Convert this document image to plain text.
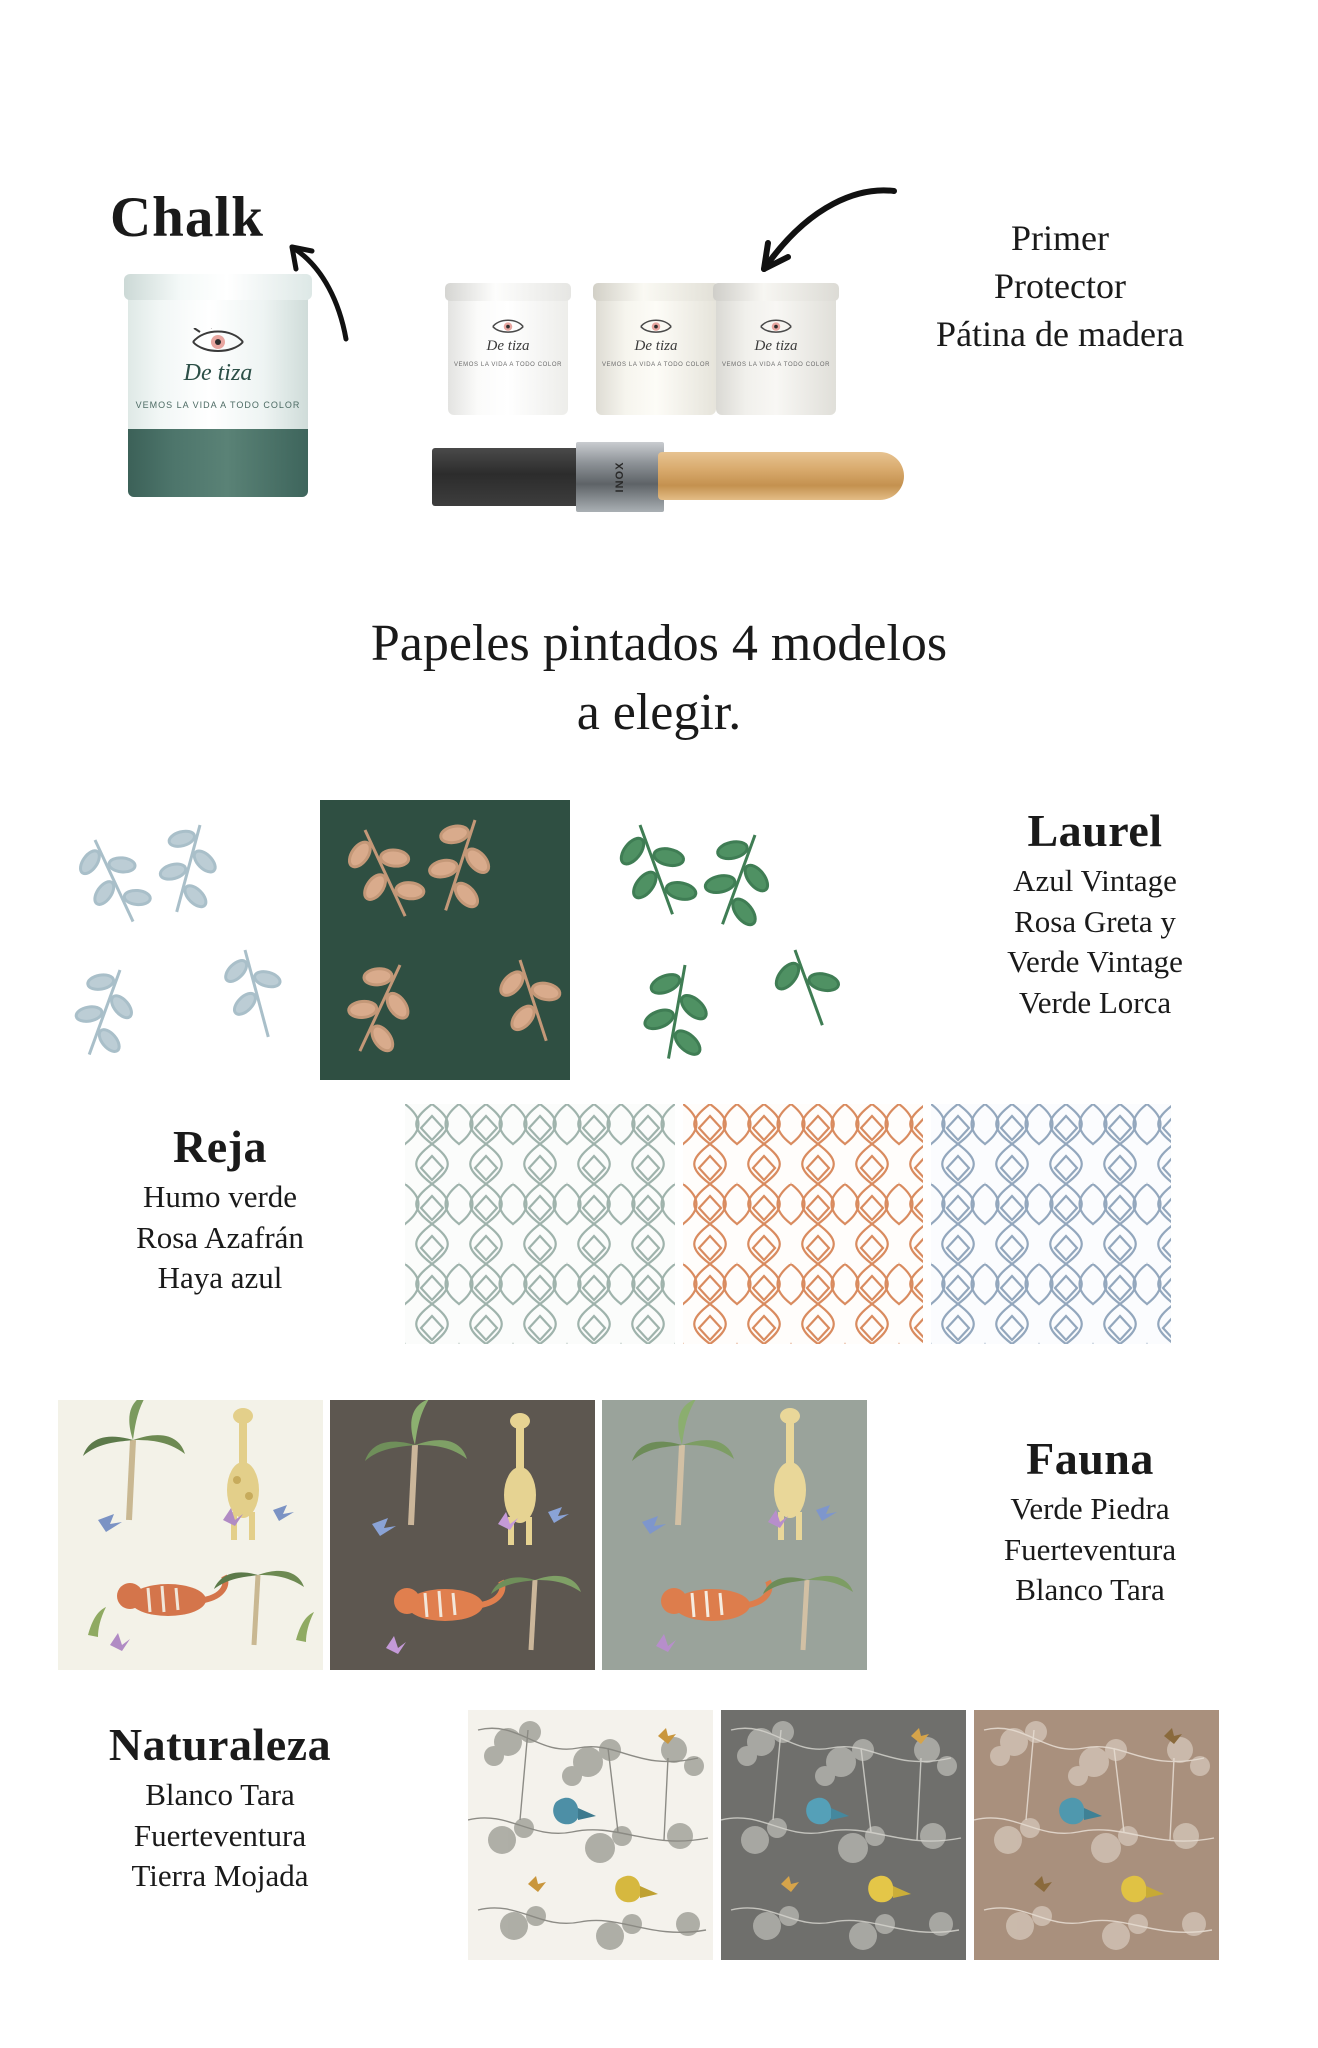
Chalk	Primer
Protector
Pátina de madera
De tiza
VEMOS LA VIDA A TODO COLOR
De tiza
VEMOS LA VIDA A TODO COLOR
De tiza
VEMOS LA VIDA A TODO COLOR
De tiza
VEMOS LA VIDA A TODO COLOR
INOX
Papeles pintados 4 modelos
a elegir.
Laurel
Azul Vintage
Rosa Greta y
Verde Vintage
Verde Lorca
Reja
Humo verde
Rosa Azafrán
Haya azul
Fauna
Verde Piedra
Fuerteventura
Blanco Tara
Naturaleza
Blanco Tara
Fuerteventura
Tierra Mojada
